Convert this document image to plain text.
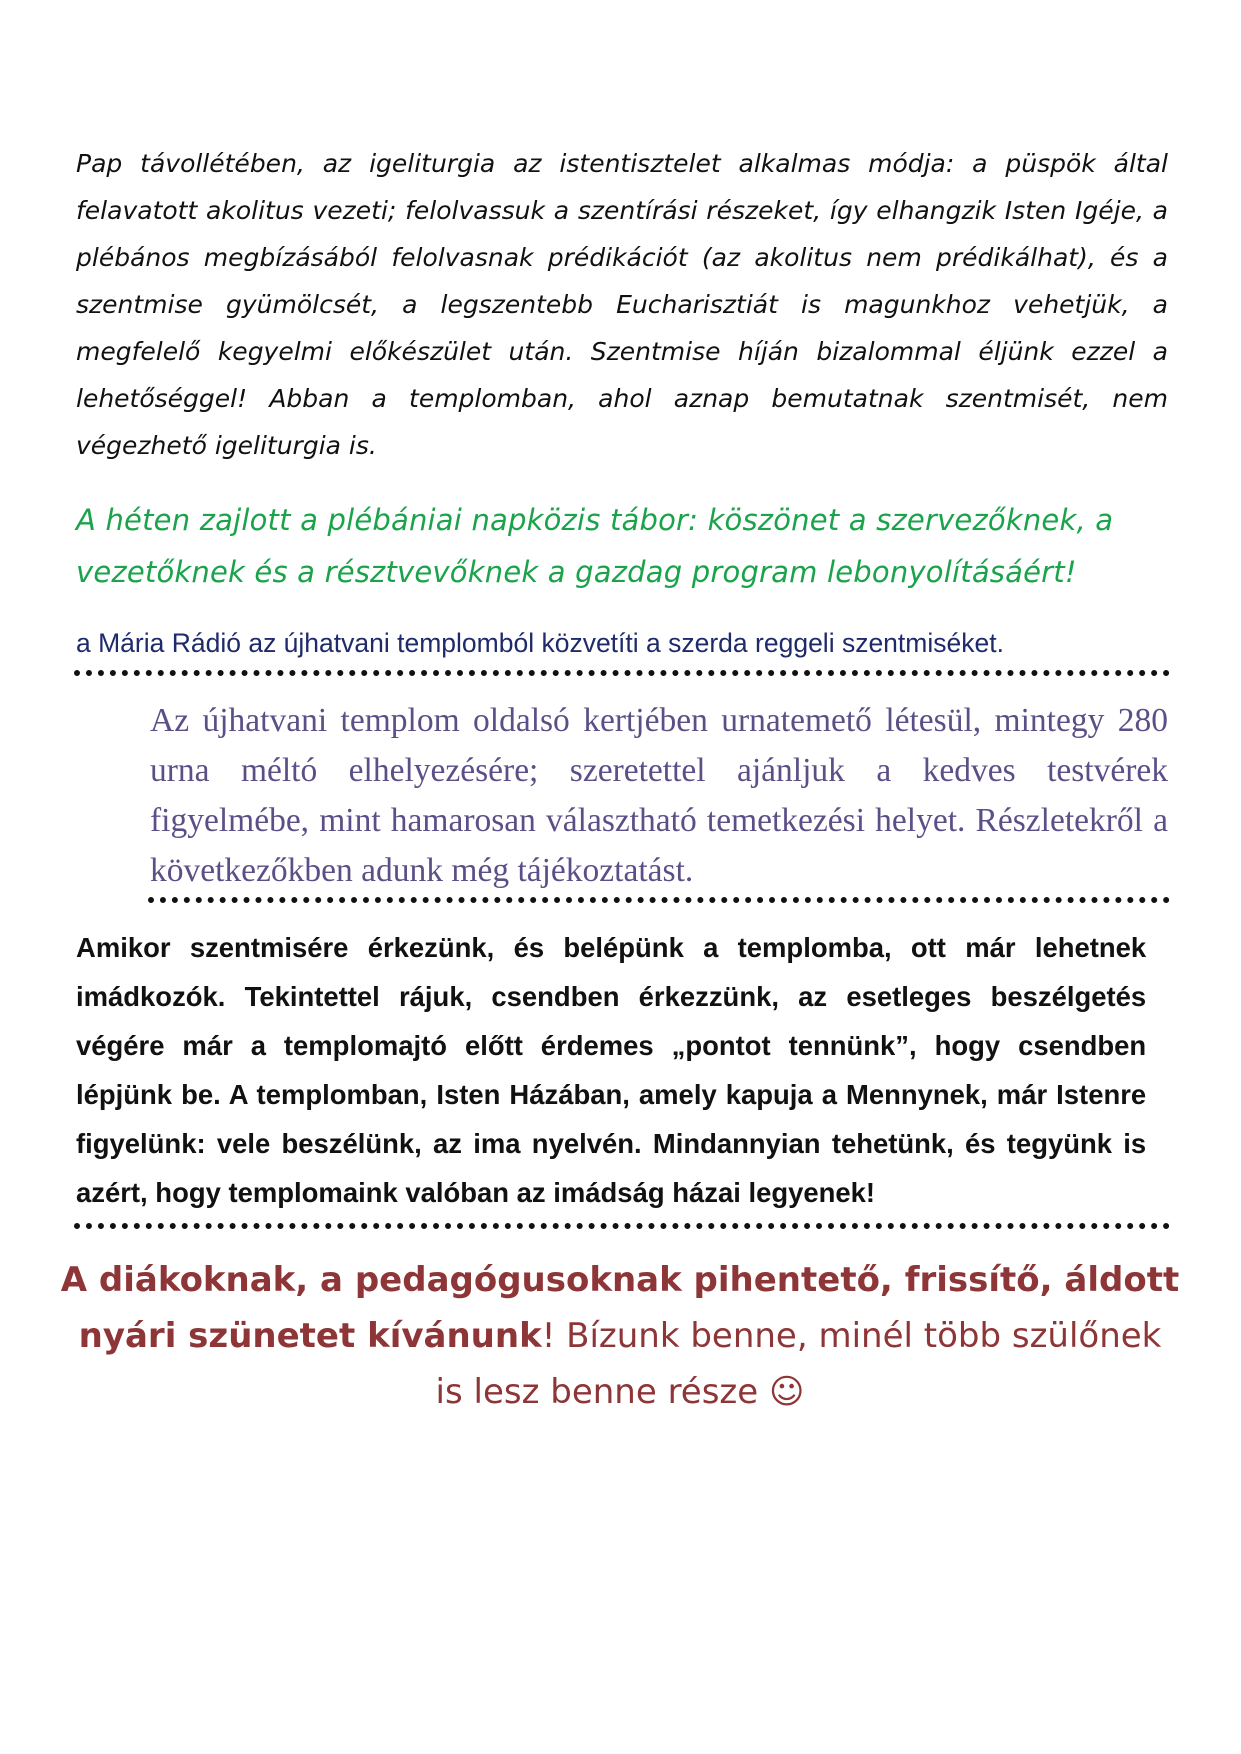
Pap távollétében, az igeliturgia az istentisztelet alkalmas módja: a püspök által felavatott akolitus vezeti; felolvassuk a szentírási részeket, így elhangzik Isten Igéje, a plébános megbízásából felolvasnak prédikációt (az akolitus nem prédikálhat), és a szentmise gyümölcsét, a legszentebb Eucharisztiát is magunkhoz vehetjük, a megfelelő kegyelmi előkészület után. Szentmise híján bizalommal éljünk ezzel a lehetőséggel! Abban a templomban, ahol aznap bemutatnak szentmisét, nem végezhető igeliturgia is.

A héten zajlott a plébániai napközis tábor: köszönet a szervezőknek, a vezetőknek és a résztvevőknek a gazdag program lebonyolításáért!

a Mária Rádió az újhatvani templomból közvetíti a szerda reggeli szentmiséket.

Az újhatvani templom oldalsó kertjében urnatemető létesül, mintegy 280 urna méltó elhelyezésére; szeretettel ajánljuk a kedves testvérek figyelmébe, mint hamarosan választható temetkezési helyet. Részletekről a következőkben adunk még tájékoztatást.

Amikor szentmisére érkezünk, és belépünk a templomba, ott már lehetnek imádkozók. Tekintettel rájuk, csendben érkezzünk, az esetleges beszélgetés végére már a templomajtó előtt érdemes „pontot tennünk”, hogy csendben lépjünk be. A templomban, Isten Házában, amely kapuja a Mennynek, már Istenre figyelünk: vele beszélünk, az ima nyelvén. Mindannyian tehetünk, és tegyünk is azért, hogy templomaink valóban az imádság házai legyenek!

A diákoknak, a pedagógusoknak pihentető, frissítő, áldott nyári szünetet kívánunk! Bízunk benne, minél több szülőnek is lesz benne része ☺
